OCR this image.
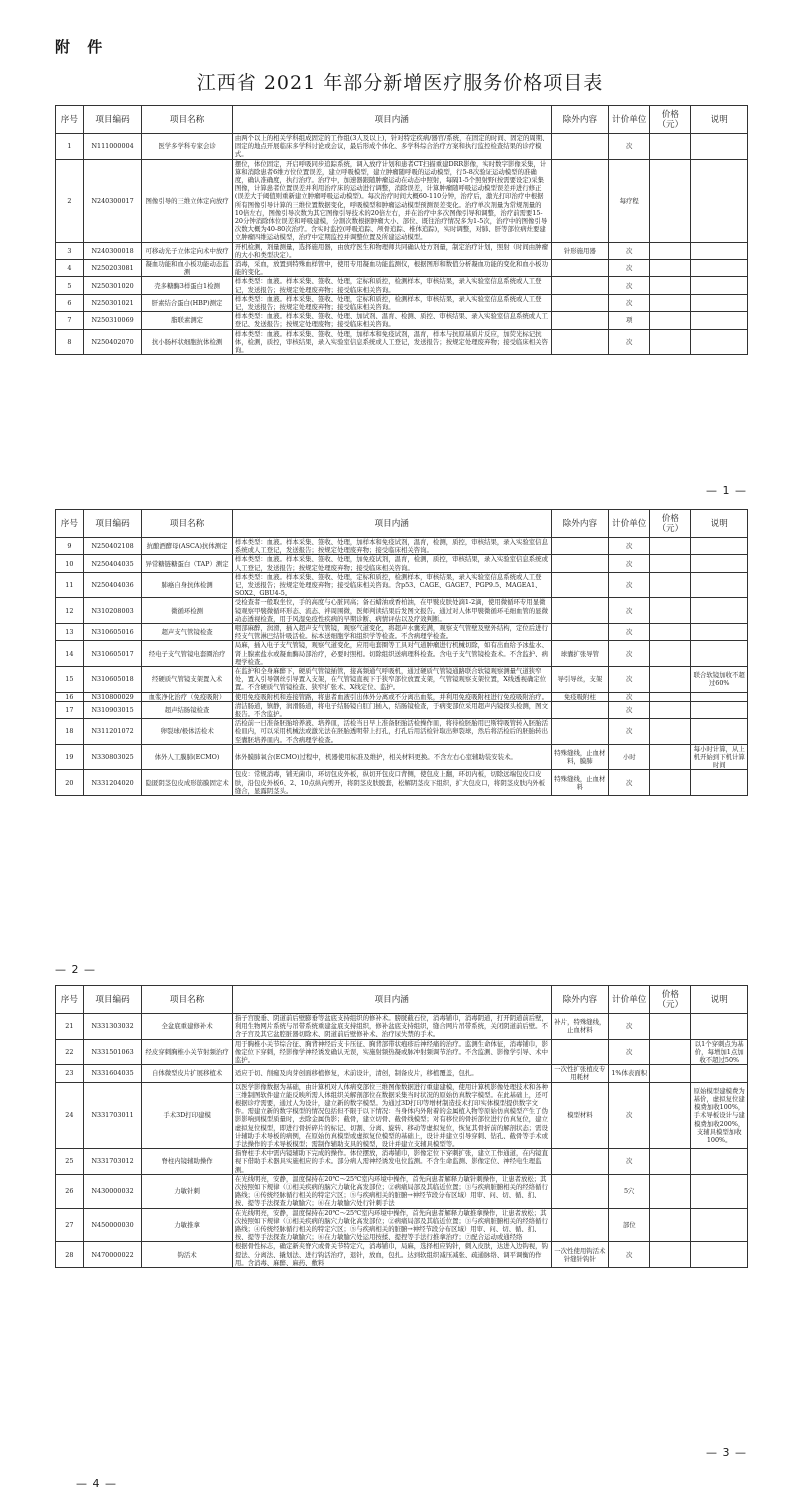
附 件
江西省 2021 年部分新增医疗服务价格项目表
序号	项目编码	项目名称	项目内涵	除外内容	计价单位	价格（元）	说明
1	N111000004	医学多学科专家会诊	由两个以上的相关学科组成固定的工作组(3人及以上)，针对特定疾病/器官/系统，在固定的时间、固定的周期、固定的地点开展临床多学科讨论或会议，最后形成个体化、多学科综合治疗方案和执行监控检查结果的诊疗模式。		次		
2	N240300017	图像引导的三维立体定向放疗	摆位，体位固定，开启呼吸同步追踪系统，调入放疗计划和患者CT扫描重建DRR影像，实时数字影像采集，计算和消除患者6维方位位置误差，建立呼吸模型，建立肿瘤随呼吸的运动模型，行5-8次验证运动模型的准确度，确认准确度，执行治疗。治疗中，加速器跟随肿瘤运动在动态中照射，每隔1-5个照射野(按需要设定)采集图像，计算患者位置误差并利用治疗床的运动进行调整，消除误差，计算肿瘤随呼吸运动模型误差并进行修正(误差大于阈值则重新建立肿瘤呼吸运动模型)。每次治疗时间大概60-110分钟，治疗后，激光打印治疗中根据所有图像引导计算的三维位置数据变化，呼吸模型和肿瘤运动模型预测误差变化。治疗单次剂量为常规剂量的10倍左右，图像引导次数为其它图像引导技术的20倍左右，并在治疗中多次图像引导和调整，治疗前需要15-20分钟消除体位误差和呼吸建模，分割次数根据肿瘤大小、部位、既往治疗情况多为1-5次，治疗中的图像引导次数大概为40-80次治疗。含实时监控(呼吸追踪、颅骨追踪、椎体追踪)，实时调整，对肺、肝等部位病灶要建立肿瘤四维运动模型，治疗中定期监控并调整位置及所建运动模型。		每疗程		
3	N240300018	可移动光子立体定向术中放疗	开机检测，剂量测量，选择施用器，由放疗医生和物理师共同确认处方剂量，制定治疗计划，照射（时间由肿瘤的大小和类型决定）。	针形施用器	次		
4	N250203081	凝血功能和血小板功能动态监测	消毒，采血，放置到特殊血样管中，使用专用凝血功能监测仪，根据图形和数值分析凝血功能的变化和血小板功能的变化。		次		
5	N250301020	壳多糖酶3样蛋白1检测	样本类型：血液。样本采集、签收、处理，定标和质控，检测样本，审核结果，录入实验室信息系统或人工登记，发送报告；按规定处理废弃物；接受临床相关咨询。		次		
6	N250301021	肝素结合蛋白(HBP)测定	样本类型：血液。样本采集、签收、处理，定标和质控，检测样本，审核结果，录入实验室信息系统或人工登记，发送报告；按规定处理废弃物；接受临床相关咨询。		次		
7	N250310069	脂联素测定	样本类型：血液。样本采集、签收、处理、加试剂、温育、检测、质控、审核结果、录入实验室信息系统或人工登记、发送报告；按规定处理废物；接受临床相关咨询。		项		
8	N250402070	抗小肠杯状细胞抗体检测	样本类型：血液。样本采集、签收、处理，加样本和免疫试剂，温育，样本与抗原基质片反应，加荧光标记抗体，检测，质控，审核结果，录入实验室信息系统或人工登记，发送报告；按规定处理废弃物；接受临床相关咨询。		次		
— 1 —
序号	项目编码	项目名称	项目内涵	除外内容	计价单位	价格（元）	说明
9	N250402108	抗酿酒酵母(ASCA)抗体测定	样本类型：血液。样本采集、签收、处理，加样本和免疫试剂，温育，检测，质控，审核结果，录入实验室信息系统或人工登记，发送报告；按规定处理废弃物；接受临床相关咨询。		次		
10	N250404035	异常糖链糖蛋白（TAP）测定	样本类型：血液。样本采集、签收、处理，加免疫试剂，温育，检测，质控，审核结果，录入实验室信息系统或人工登记，发送报告；按规定处理废弃物；接受临床相关咨询。		次		
11	N250404036	肺癌自身抗体检测	样本类型：血液。样本采集、签收、处理，定标和质控，检测样本，审核结果，录入实验室信息系统或人工登记，发送报告；按规定处理废弃物；接受临床相关咨询。含p53、CAGE、GAGE7、PGP9.5、MAGEA1、SOX2、GBU4-5。		次		
12	N310208003	微循环检测	受检查者一般取坐位，手的高度与心脏同高；备石蜡油或香柏油，在甲襞皮肤处滴1-2滴，使用微循环专用显微镜观察甲襞微循环形态、流态、袢周围微，医师判读结果后发图文报告。通过对人体甲襞微循环毛细血管的显微动态透视检查，用于风湿免疫性疾病的早期诊断、病情评估以及疗效判断。		次		
13	N310605016	超声支气管镜检查	咽部麻醉，润滑，插入超声支气管镜，观察气道变化，将超声水囊充满，观察支气管壁及壁外结构，定位后进行经支气管淋巴结针吸活检。标本送细胞学和组织学等检查。不含病理学检查。		次		
14	N310605017	经电子支气管镜电套圈治疗	局麻，插入电子支气管镜，观察气道变化，应用电套圈等工具对气道肿瘤进行机械切除，如有出血给予冰盐水、肾上腺素盐水或凝血酶局部治疗，必要时照相。切除组织送病理科检查。含电子支气管镜检查术。不含监护、病理学检查。	球囊扩张导管	次		
15	N310605018	经硬质气管镜支架置入术	在监护和全身麻醉下，硬质气管镜插管，接高频通气呼吸机，通过硬质气管镜通路联合软镜观察测量气道狭窄处，置入引导钢丝引导置入支架，在气管镜直视下于狭窄部位放置支架，气管镜观察支架位置，X线透视确定位置。不含硬质气管镜检查、狭窄扩张术、X线定位、监护。	导引导丝，支架	次		联合软镜加收不超过60%
16	N310800029	血浆净化治疗（免疫吸附）	使用免疫吸附机和连接管路，将患者血液引出体外分离或不分离出血浆，并利用免疫吸附柱进行免疫吸附治疗。	免疫吸附柱	次		
17	N310903015	超声结肠镜检查	清洁肠道，镇静，润滑肠道，将电子结肠镜自肛门插入，结肠镜检查，于病变部位采用超声内镜探头检测，图文报告。不含监护。		次		
18	N311201072	卵裂球/极体活检术	活检前一日准备胚胎培养液、培养皿，活检当日早上准备胚胎活检操作皿，将待检胚胎用巴斯特吸管转入胚胎活检皿内，可以采用机械法或激光法在胚胎透明带上打孔，打孔后用活检针取出卵裂球，然后将活检后的胚胎转出至囊胚培养皿内。不含病理学检查。		次		
19	N330803025	体外人工膜肺(ECMO)	体外膜肺氧合(ECMO)过程中，机器使用标准及维护，相关材料更换。不含左右心室辅助装安装术。	特殊缝线，止血材料，膜肺	小时		每小时计算，从上机开始到下机计算时间
20	N331204020	隐匿阴茎包皮成形筋膜固定术	包皮：常规消毒，铺无菌巾，环切包皮外板，纵切开包皮口背侧，使包皮上翻，环切内板，切除远端包皮口皮肤，沿包皮外板6、2、10点纵向剪开，将阴茎皮肤脱套，松解阴茎皮下组织，扩大包皮口，将阴茎皮肤内外板缝合，显露阴茎头。	特殊缝线，止血材料	次		
— 2 —
序号	项目编码	项目名称	项目内涵	除外内容	计价单位	价格（元）	说明
21	N331303032	全盆底重建修补术	指子宫脱垂、阴道前后壁膨垂等盆底支持组织的修补术。膀胱截石位，消毒铺巾，消毒阴道，打开阴道前后壁，利用生物网片系统与吊带系统重建盆底支持组织，修补盆底支持组织，缝合网片吊带系统，关闭阴道前后壁。不含子宫及其它盆腔脏器切除术、阴道前后壁修补术、治疗尿失禁的手术。	补片，特殊缝线，止血材料	次		
22	N331501063	经皮穿刺胸椎小关节射频治疗	用于胸椎小关节综合征、胸背神经后支卡压征、胸背部带状疱疹后神经痛的治疗。监测生命体征，消毒铺巾，影像定位下穿刺，经影像学神经诱发确认无误，实施射频热凝或脉冲射频调节治疗。不含监测、影像学引导、术中监护。		次		以1个穿刺点为基价，每增加1点加收不超过50%
23	N331604035	自体微型皮片扩展移植术	适应于切、削痂及肉芽创面移植修复，术前设计，清创，制备皮片，移植覆盖，包扎。	一次性扩张植皮专用耗材	1%体表面积		
24	N331703011	手术3D打印建模	以医学影像数据为基础，由计算机对人体病变部位三维图像数据进行重建建模，使用计算机影像处理技术和各种三维制图软件建立能反映所需人体组织关解剖部位在数据采集当时状况的原始仿真数字模型。在此基础上，还可根据诊疗需要，通过人为设计，建立新的数字模型。为通过3D打印等增材制造技术打印实体模型提供数字文件。需建立新的数字模型的情况包括但不限于以下情况：当身体内外附着的金属植入物等原始仿真模型产生了伪影影响到模型质量时，去除金属伪影；截骨，建立切骨、截骨线模型；对有移位的骨折部位进行仿真复位，建立虚拟复位模型，即进行骨折碎片的标记、切割、分离、旋转、移动等虚拟复位，恢复其骨折前的解剖状态；需设计辅助手术导板的病例，在原始仿真模型或虚拟复位模型的基础上，设计并建立引导穿刺、钻孔、截骨等手术或手法操作的手术导板模型；需制作辅助支具的模型，设计并建立支辅具模型等。	模型材料	次		原始模型建模费为基价，虚拟复位建模费加收100%，手术导板设计与建模费加收200%，支辅具模型加收100%。
25	N331703012	脊柱内镜辅助操作	指脊柱手术中需内镜辅助下完成的操作。体位摆放，消毒铺巾，影像定位下穿刺扩张，建立工作通道，在内镜直视下借助手术器具实施相应的手术。部分病人需神经诱发电位监测。不含生命监测、影像定位、神经电生理监测。		次		
26	N430000032	力敏针刺	在光线明亮，安静，温度保持在20℃～25℃室内环境中操作，首先向患者解释力敏针刺操作，让患者放松；其次按照如下规律（①相关疾病的脑穴力敏化高发部位；②病痛局部及其临近位置；③与疾病脏腑相关的经络循行路线；④传统经脉循行相关的特定穴区；⑤与疾病相关的脏腑→神经节段分布区域）用审、问、切、循、扪、按、提等手法探查力敏腧穴；⑥在力敏腧穴处行针刺手法		5穴		
27	N450000030	力敏推拿	在光线明亮，安静，温度保持在20℃～25℃室内环境中操作，首先向患者解释力敏推拿操作，让患者放松；其次按照如下规律（①相关疾病的脑穴力敏化高发部位；②病痛局部及其临近位置；③与疾病脏腑相关的经络循行路线；④传统经脉循行相关的特定穴区；⑤与疾病相关的脏腑→神经节段分布区域）用审、问、切、循、扪、按、提等手法探查力敏腧穴；⑥在力敏腧穴处运用按揉、提捏等手法行推拿治疗；⑦配合运动或通经络		部位		
28	N470000022	钩活术	根据骨性标志，确定新夹脊穴或骨关节特定穴，消毒铺巾，局麻，选择相应钩针，刺入皮肤，达进入边钩视，钩提法、分离法、撬划法、进行钩活治疗，退针，放血，包扎。达到软组织减压减张、疏通脉络、调平调衡的作用。含消毒、麻醉、麻药、敷料	一次性使用钩活术针缝针钩针	次		
— 3 —
— 4 —
